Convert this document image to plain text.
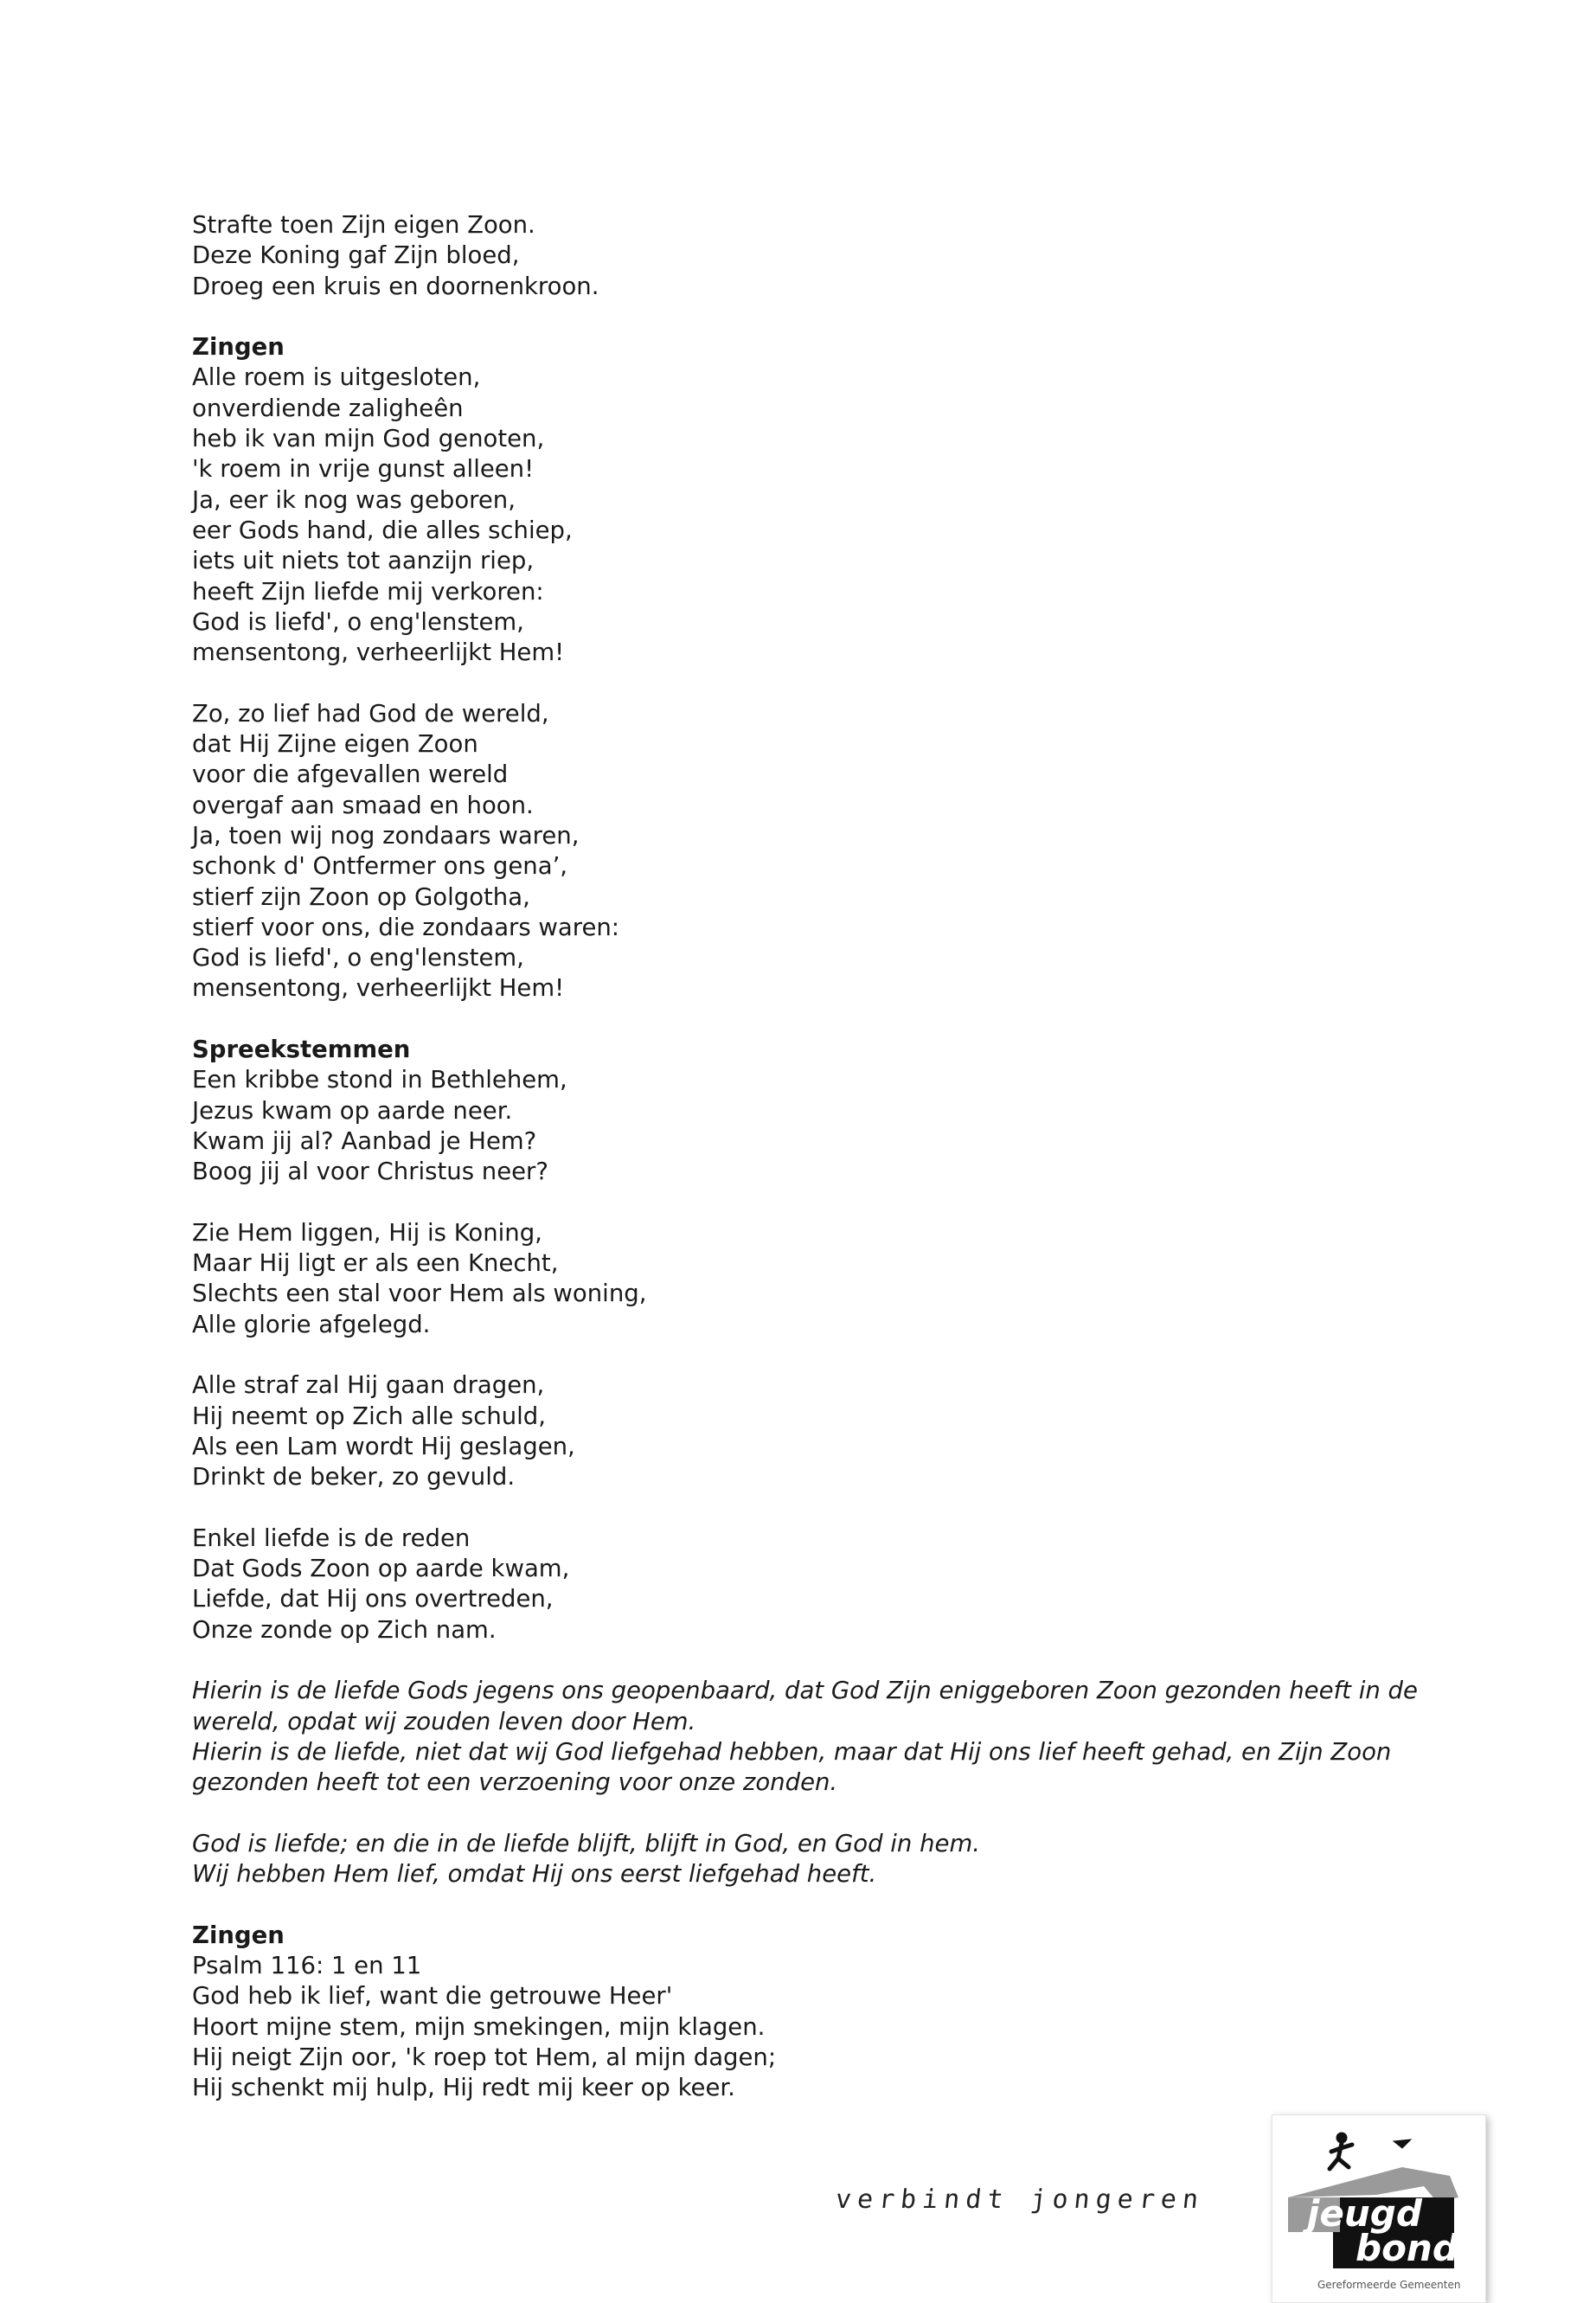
Strafte toen Zijn eigen Zoon.
Deze Koning gaf Zijn bloed,
Droeg een kruis en doornenkroon.
Zingen
Alle roem is uitgesloten,
onverdiende zaligheên
heb ik van mijn God genoten,
'k roem in vrije gunst alleen!
Ja, eer ik nog was geboren,
eer Gods hand, die alles schiep,
iets uit niets tot aanzijn riep,
heeft Zijn liefde mij verkoren:
God is liefd', o eng'lenstem,
mensentong, verheerlijkt Hem!
Zo, zo lief had God de wereld,
dat Hij Zijne eigen Zoon
voor die afgevallen wereld
overgaf aan smaad en hoon.
Ja, toen wij nog zondaars waren,
schonk d' Ontfermer ons gena’,
stierf zijn Zoon op Golgotha,
stierf voor ons, die zondaars waren:
God is liefd', o eng'lenstem,
mensentong, verheerlijkt Hem!
Spreekstemmen
Een kribbe stond in Bethlehem,
Jezus kwam op aarde neer.
Kwam jij al? Aanbad je Hem?
Boog jij al voor Christus neer?
Zie Hem liggen, Hij is Koning,
Maar Hij ligt er als een Knecht,
Slechts een stal voor Hem als woning,
Alle glorie afgelegd.
Alle straf zal Hij gaan dragen,
Hij neemt op Zich alle schuld,
Als een Lam wordt Hij geslagen,
Drinkt de beker, zo gevuld.
Enkel liefde is de reden
Dat Gods Zoon op aarde kwam,
Liefde, dat Hij ons overtreden,
Onze zonde op Zich nam.
Hierin is de liefde Gods jegens ons geopenbaard, dat God Zijn eniggeboren Zoon gezonden heeft in de wereld, opdat wij zouden leven door Hem.
Hierin is de liefde, niet dat wij God liefgehad hebben, maar dat Hij ons lief heeft gehad, en Zijn Zoon gezonden heeft tot een verzoening voor onze zonden.
God is liefde; en die in de liefde blijft, blijft in God, en God in hem.
Wij hebben Hem lief, omdat Hij ons eerst liefgehad heeft.
Zingen
Psalm 116: 1 en 11
God heb ik lief, want die getrouwe Heer'
Hoort mijne stem, mijn smekingen, mijn klagen.
Hij neigt Zijn oor, 'k roep tot Hem, al mijn dagen;
Hij schenkt mij hulp, Hij redt mij keer op keer.
verbindt jongeren	jeugd
bond
Gereformeerde Gemeenten
